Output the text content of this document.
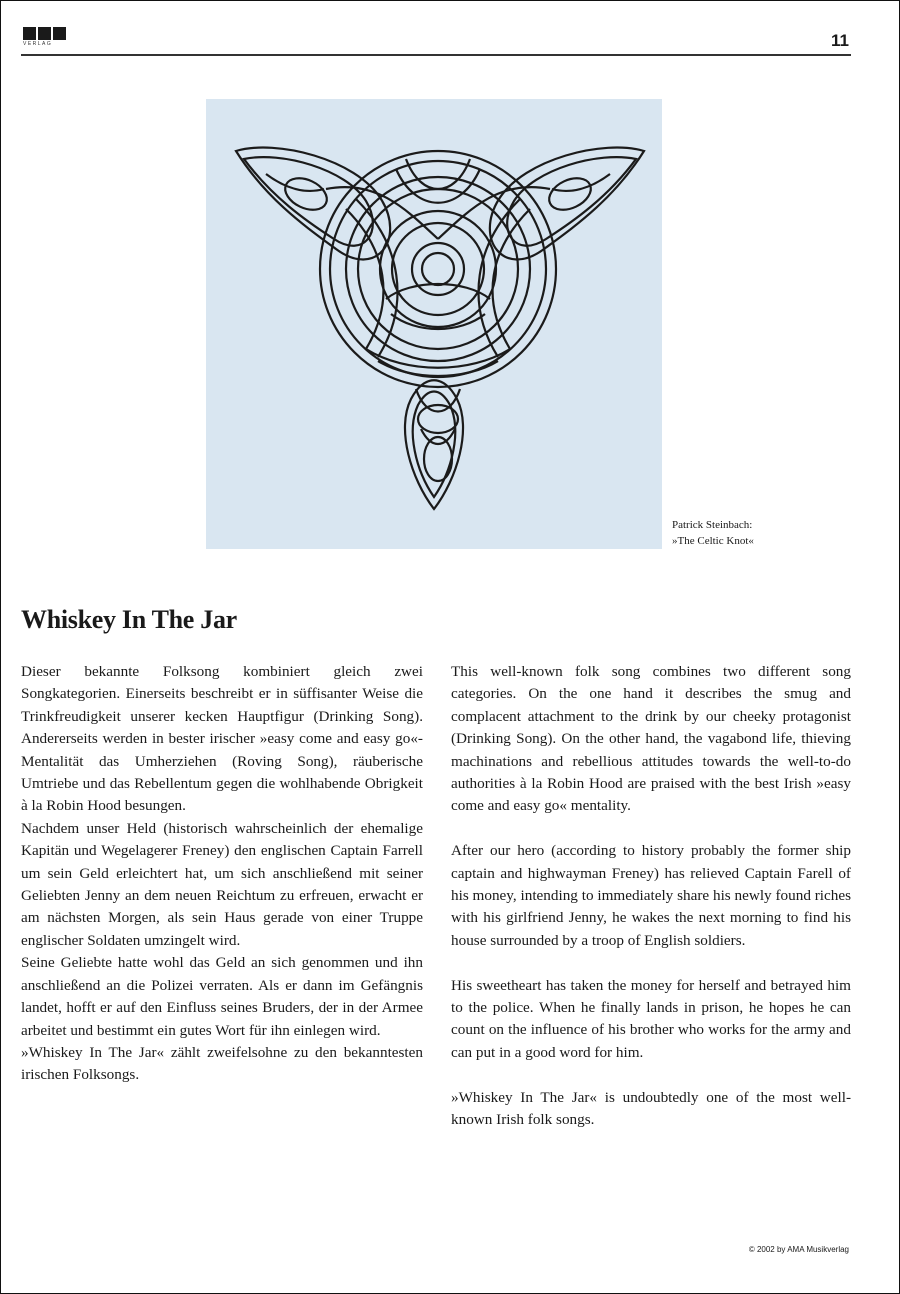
VERLAG	11
Patrick Steinbach:
»The Celtic Knot«
Whiskey In The Jar

Dieser bekannte Folksong kombiniert gleich zwei Songkategorien. Einerseits beschreibt er in süffisanter Weise die Trinkfreudigkeit unserer kecken Hauptfigur (Drinking Song). Andererseits werden in bester irischer »easy come and easy go«-Mentalität das Umherziehen (Roving Song), räuberische Umtriebe und das Rebellentum gegen die wohlhabende Obrigkeit à la Robin Hood besungen.

Nachdem unser Held (historisch wahrscheinlich der ehemalige Kapitän und Wegelagerer Freney) den englischen Captain Farrell um sein Geld erleichtert hat, um sich anschließend mit seiner Geliebten Jenny an dem neuen Reichtum zu erfreuen, erwacht er am nächsten Morgen, als sein Haus gerade von einer Truppe englischer Soldaten umzingelt wird.

Seine Geliebte hatte wohl das Geld an sich genommen und ihn anschließend an die Polizei verraten. Als er dann im Gefängnis landet, hofft er auf den Einfluss seines Bruders, der in der Armee arbeitet und bestimmt ein gutes Wort für ihn einlegen wird.

»Whiskey In The Jar« zählt zweifelsohne zu den bekanntesten irischen Folksongs.

This well-known folk song combines two different song categories. On the one hand it describes the smug and complacent attachment to the drink by our cheeky protagonist (Drinking Song). On the other hand, the vagabond life, thieving machinations and rebellious attitudes towards the well-to-do authorities à la Robin Hood are praised with the best Irish »easy come and easy go« mentality.

After our hero (according to history probably the former ship captain and highwayman Freney) has relieved Captain Farell of his money, intending to immediately share his newly found riches with his girlfriend Jenny, he wakes the next morning to find his house surrounded by a troop of English soldiers.

His sweetheart has taken the money for herself and betrayed him to the police. When he finally lands in prison, he hopes he can count on the influence of his brother who works for the army and can put in a good word for him.

»Whiskey In The Jar« is undoubtedly one of the most well-known Irish folk songs.

© 2002 by AMA Musikverlag
